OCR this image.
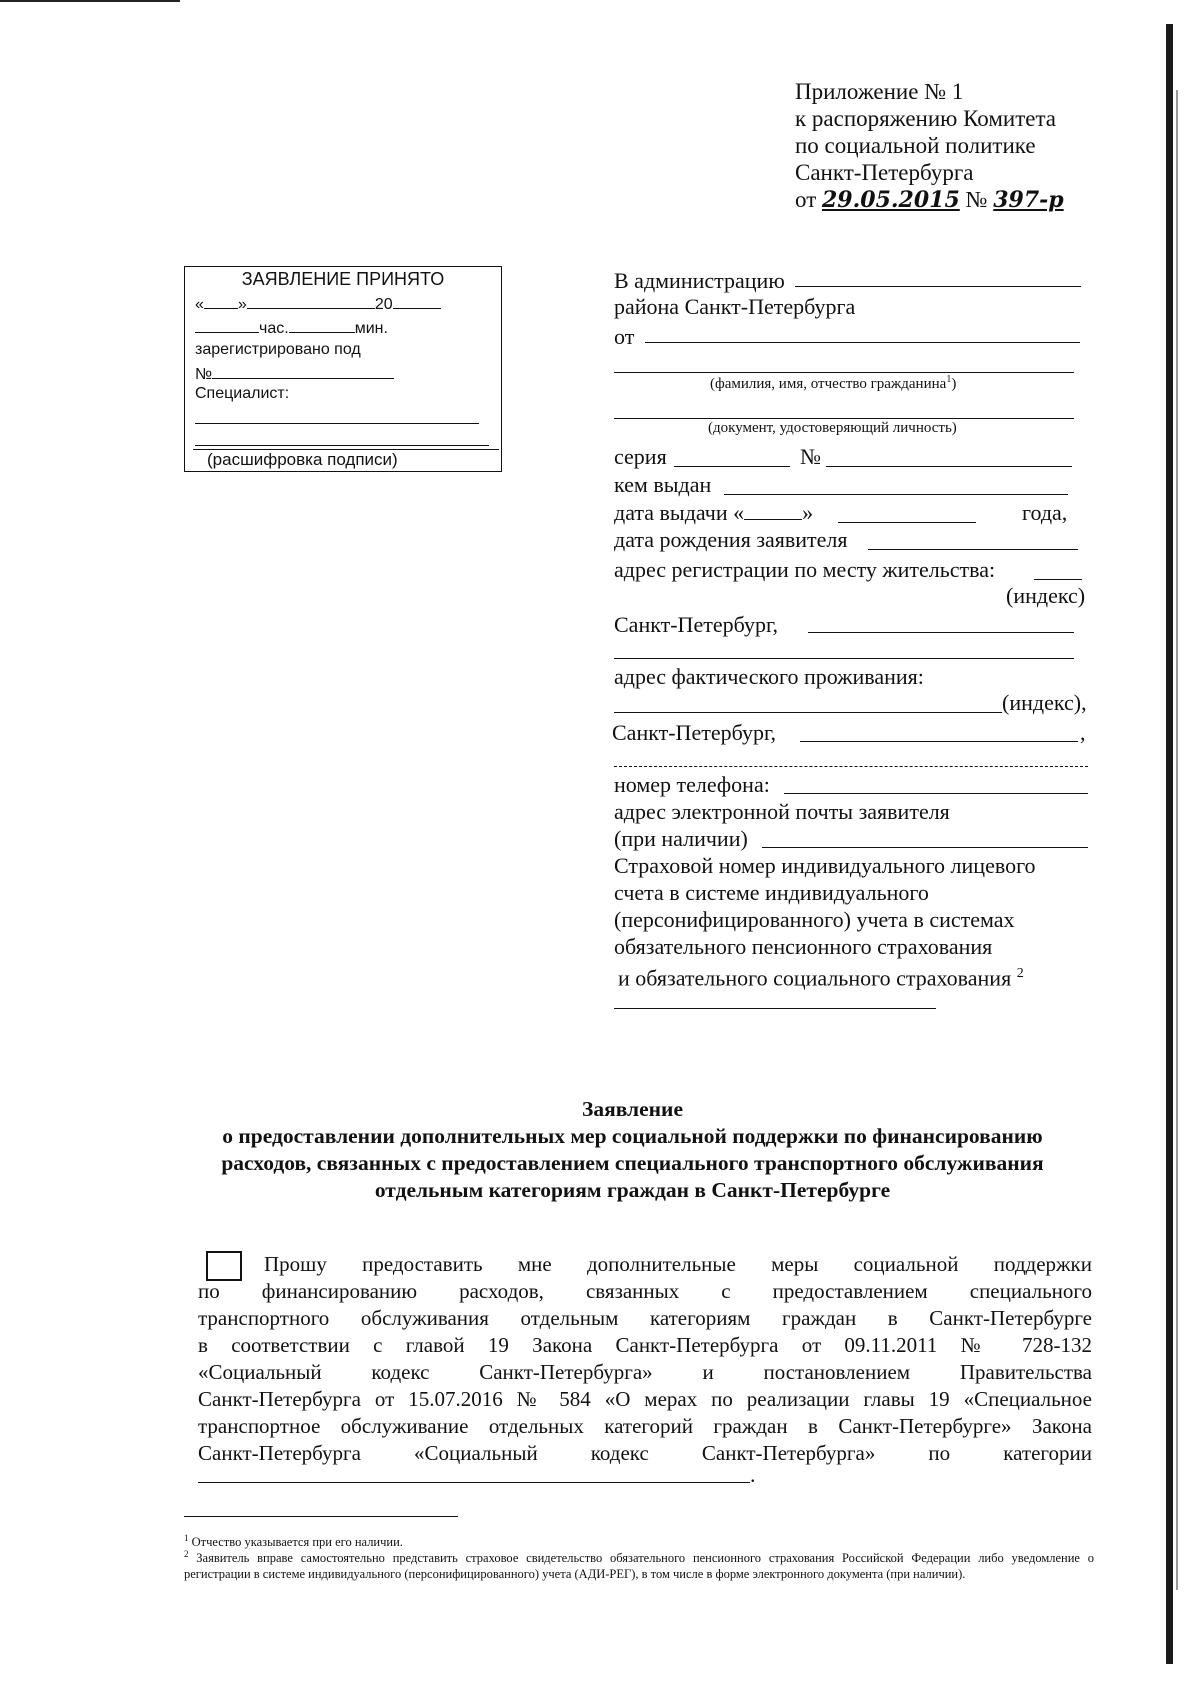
Приложение № 1
к распоряжению Комитета
по социальной политике
Санкт-Петербурга
от 29.05.2015 № 397-р
ЗАЯВЛЕНИЕ ПРИНЯТО
« »	20
час.	мин.
зарегистрировано под
№
Специалист:
(расшифровка подписи)
В администрацию
района Санкт-Петербурга
от
(фамилия, имя, отчество гражданина$^1$)
(документ, удостоверяющий личность)
серия	№
кем выдан
дата выдачи «	»	года,
дата рождения заявителя
адрес регистрации по месту жительства:
(индекс)
Санкт-Петербург,
адрес фактического проживания:
(индекс),
Санкт-Петербург,	,
номер телефона:
адрес электронной почты заявителя
(при наличии)
Страховой номер индивидуального лицевого
счета в системе индивидуального
(персонифицированного) учета в системах
обязательного пенсионного страхования
и обязательного социального страхования $^2$
Заявление
о предоставлении дополнительных мер социальной поддержки по финансированию
расходов, связанных с предоставлением специального транспортного обслуживания
отдельным категориям граждан в Санкт-Петербурге
Прошу предоставить мне дополнительные меры социальной поддержки
по финансированию расходов, связанных с предоставлением специального
транспортного обслуживания отдельным категориям граждан в Санкт-Петербурге
в соответствии с главой 19 Закона Санкт-Петербурга от 09.11.2011 № 728-132
«Социальный кодекс Санкт-Петербурга» и постановлением Правительства
Санкт-Петербурга от 15.07.2016 № 584 «О мерах по реализации главы 19 «Специальное
транспортное обслуживание отдельных категорий граждан в Санкт-Петербурге» Закона
Санкт-Петербурга «Социальный кодекс Санкт-Петербурга» по категории
.
$^1$ Отчество указывается при его наличии.
$^2$ Заявитель вправе самостоятельно представить страховое свидетельство обязательного пенсионного страхования Российской Федерации либо уведомление о регистрации в системе индивидуального (персонифицированного) учета (АДИ-РЕГ), в том числе в форме электронного документа (при наличии).
